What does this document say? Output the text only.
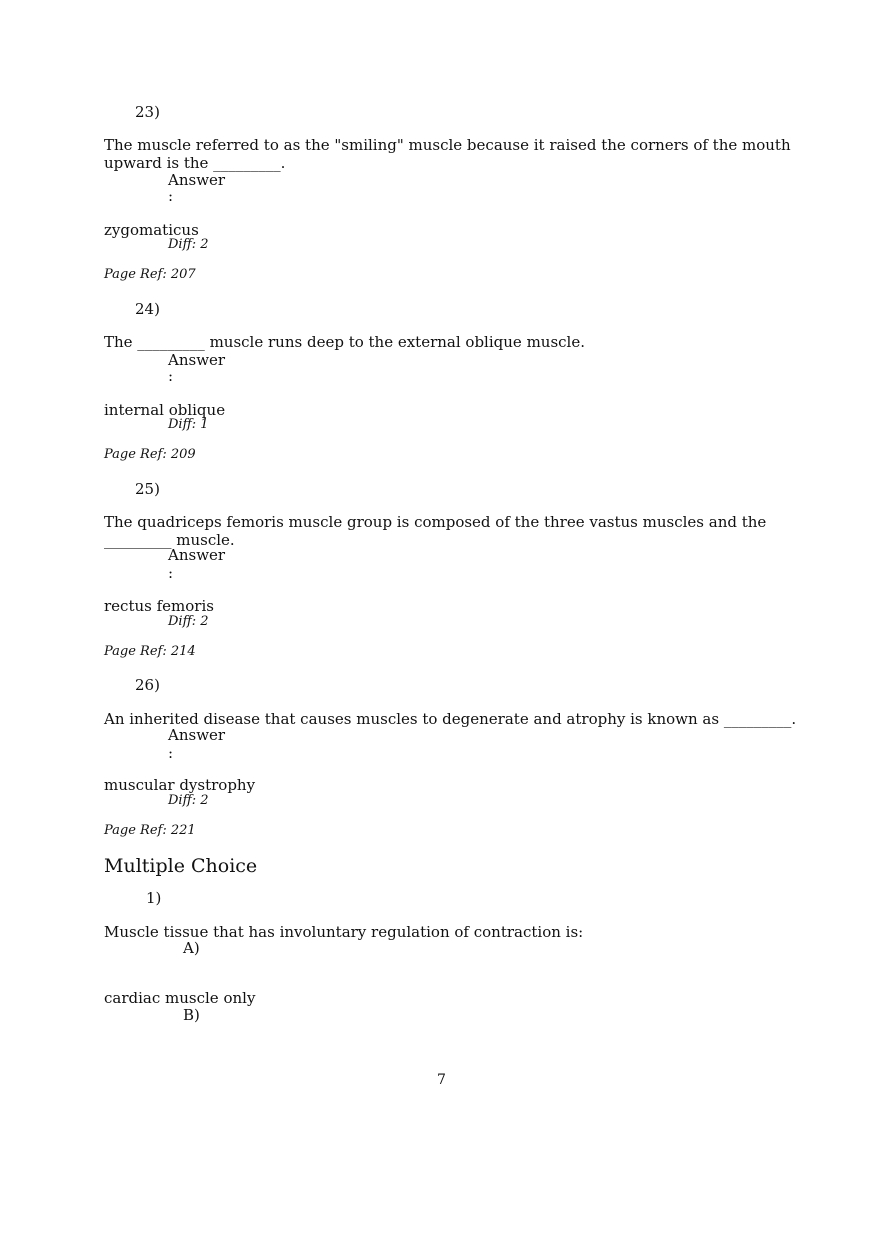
23)
The muscle referred to as the "smiling" muscle because it raised the corners of the mouth
upward is the _________.
Answer
:
zygomaticus
Diff: 2
Page Ref: 207
24)
The _________ muscle runs deep to the external oblique muscle.
Answer
:
internal oblique
Diff: 1
Page Ref: 209
25)
The quadriceps femoris muscle group is composed of the three vastus muscles and the
_________ muscle.
Answer
:
rectus femoris
Diff: 2
Page Ref: 214
26)
An inherited disease that causes muscles to degenerate and atrophy is known as _________.
Answer
:
muscular dystrophy
Diff: 2
Page Ref: 221
Multiple Choice
1)
Muscle tissue that has involuntary regulation of contraction is:
A)
cardiac muscle only
B)
7
